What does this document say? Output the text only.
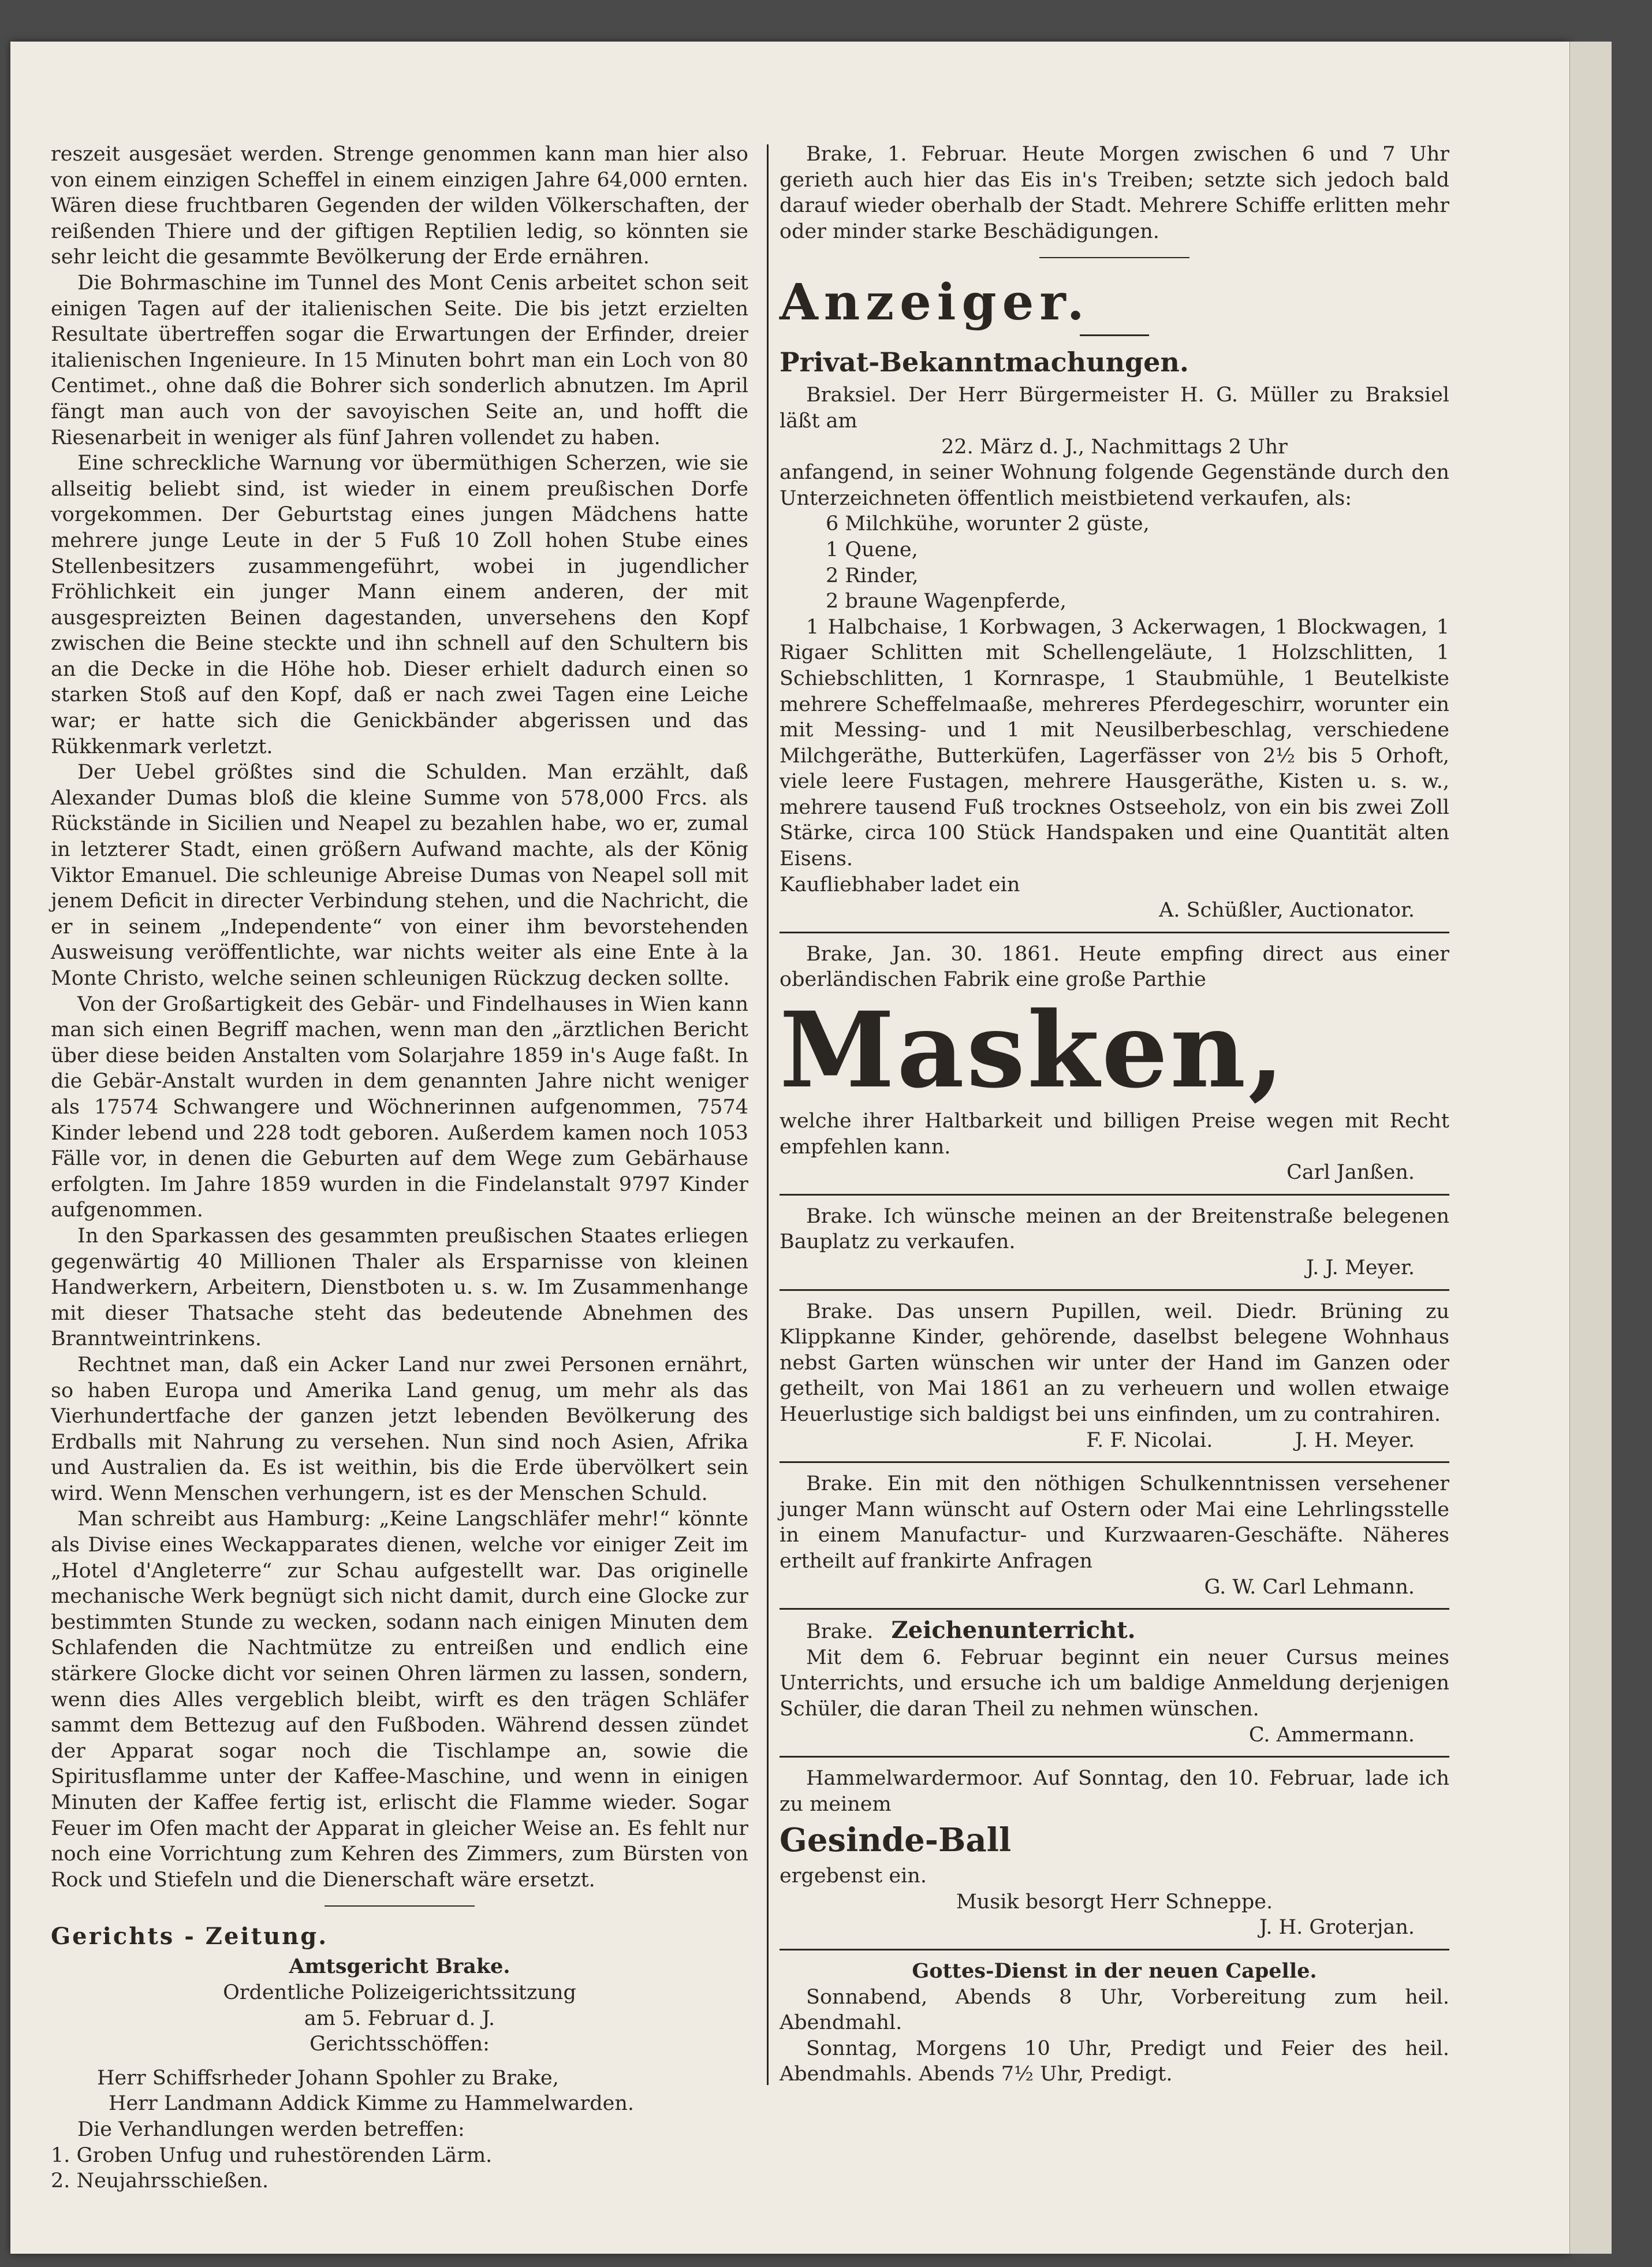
reszeit ausgesäet werden. Strenge genommen kann man hier also von einem einzigen Scheffel in einem einzigen Jahre 64,000 ernten. Wären diese fruchtbaren Gegenden der wilden Völkerschaften, der reißenden Thiere und der giftigen Reptilien ledig, so könnten sie sehr leicht die gesammte Bevölkerung der Erde ernähren.

Die Bohrmaschine im Tunnel des Mont Cenis arbeitet schon seit einigen Tagen auf der italienischen Seite. Die bis jetzt erzielten Resultate übertreffen sogar die Erwartungen der Erfinder, dreier italienischen Ingenieure. In 15 Minuten bohrt man ein Loch von 80 Centimet., ohne daß die Bohrer sich sonderlich abnutzen. Im April fängt man auch von der savoyischen Seite an, und hofft die Riesenarbeit in weniger als fünf Jahren vollendet zu haben.

Eine schreckliche Warnung vor übermüthigen Scherzen, wie sie allseitig beliebt sind, ist wieder in einem preußischen Dorfe vorgekommen. Der Geburtstag eines jungen Mädchens hatte mehrere junge Leute in der 5 Fuß 10 Zoll hohen Stube eines Stellenbesitzers zusammengeführt, wobei in jugendlicher Fröhlichkeit ein junger Mann einem anderen, der mit ausgespreizten Beinen dagestanden, unversehens den Kopf zwischen die Beine steckte und ihn schnell auf den Schultern bis an die Decke in die Höhe hob. Dieser erhielt dadurch einen so starken Stoß auf den Kopf, daß er nach zwei Tagen eine Leiche war; er hatte sich die Genickbänder abgerissen und das Rükkenmark verletzt.

Der Uebel größtes sind die Schulden. Man erzählt, daß Alexander Dumas bloß die kleine Summe von 578,000 Frcs. als Rückstände in Sicilien und Neapel zu bezahlen habe, wo er, zumal in letzterer Stadt, einen größern Aufwand machte, als der König Viktor Emanuel. Die schleunige Abreise Dumas von Neapel soll mit jenem Deficit in directer Verbindung stehen, und die Nachricht, die er in seinem „Independente“ von einer ihm bevorstehenden Ausweisung veröffentlichte, war nichts weiter als eine Ente à la Monte Christo, welche seinen schleunigen Rückzug decken sollte.

Von der Großartigkeit des Gebär- und Findelhauses in Wien kann man sich einen Begriff machen, wenn man den „ärztlichen Bericht über diese beiden Anstalten vom Solarjahre 1859 in's Auge faßt. In die Gebär-Anstalt wurden in dem genannten Jahre nicht weniger als 17574 Schwangere und Wöchnerinnen aufgenommen, 7574 Kinder lebend und 228 todt geboren. Außerdem kamen noch 1053 Fälle vor, in denen die Geburten auf dem Wege zum Gebärhause erfolgten. Im Jahre 1859 wurden in die Findelanstalt 9797 Kinder aufgenommen.

In den Sparkassen des gesammten preußischen Staates erliegen gegenwärtig 40 Millionen Thaler als Ersparnisse von kleinen Handwerkern, Arbeitern, Dienstboten u. s. w. Im Zusammenhange mit dieser Thatsache steht das bedeutende Abnehmen des Branntweintrinkens.

Rechtnet man, daß ein Acker Land nur zwei Personen ernährt, so haben Europa und Amerika Land genug, um mehr als das Vierhundertfache der ganzen jetzt lebenden Bevölkerung des Erdballs mit Nahrung zu versehen. Nun sind noch Asien, Afrika und Australien da. Es ist weithin, bis die Erde übervölkert sein wird. Wenn Menschen verhungern, ist es der Menschen Schuld.

Man schreibt aus Hamburg: „Keine Langschläfer mehr!“ könnte als Divise eines Weckapparates dienen, welche vor einiger Zeit im „Hotel d'Angleterre“ zur Schau aufgestellt war. Das originelle mechanische Werk begnügt sich nicht damit, durch eine Glocke zur bestimmten Stunde zu wecken, sodann nach einigen Minuten dem Schlafenden die Nachtmütze zu entreißen und endlich eine stärkere Glocke dicht vor seinen Ohren lärmen zu lassen, sondern, wenn dies Alles vergeblich bleibt, wirft es den trägen Schläfer sammt dem Bettezug auf den Fußboden. Während dessen zündet der Apparat sogar noch die Tischlampe an, sowie die Spiritusflamme unter der Kaffee-Maschine, und wenn in einigen Minuten der Kaffee fertig ist, erlischt die Flamme wieder. Sogar Feuer im Ofen macht der Apparat in gleicher Weise an. Es fehlt nur noch eine Vorrichtung zum Kehren des Zimmers, zum Bürsten von Rock und Stiefeln und die Dienerschaft wäre ersetzt.

Gerichts - Zeitung.

Amtsgericht Brake.

Ordentliche Polizeigerichtssitzung

am 5. Februar d. J.

Gerichtsschöffen:

Herr Schiffsrheder Johann Spohler zu Brake,

Herr Landmann Addick Kimme zu Hammelwarden.

Die Verhandlungen werden betreffen:

1. Groben Unfug und ruhestörenden Lärm.

2. Neujahrsschießen.

Brake, 1. Februar. Heute Morgen zwischen 6 und 7 Uhr gerieth auch hier das Eis in's Treiben; setzte sich jedoch bald darauf wieder oberhalb der Stadt. Mehrere Schiffe erlitten mehr oder minder starke Beschädigungen.

Anzeiger.

Privat-Bekanntmachungen.

Braksiel. Der Herr Bürgermeister H. G. Müller zu Braksiel läßt am

22. März d. J., Nachmittags 2 Uhr

anfangend, in seiner Wohnung folgende Gegenstände durch den Unterzeichneten öffentlich meistbietend verkaufen, als:

6 Milchkühe, worunter 2 güste,

1 Quene,

2 Rinder,

2 braune Wagenpferde,

1 Halbchaise, 1 Korbwagen, 3 Ackerwagen, 1 Blockwagen, 1 Rigaer Schlitten mit Schellengeläute, 1 Holzschlitten, 1 Schiebschlitten, 1 Kornraspe, 1 Staubmühle, 1 Beutelkiste mehrere Scheffelmaaße, mehreres Pferdegeschirr, worunter ein mit Messing- und 1 mit Neusilberbeschlag, verschiedene Milchgeräthe, Butterküfen, Lagerfässer von 2½ bis 5 Orhoft, viele leere Fustagen, mehrere Hausgeräthe, Kisten u. s. w., mehrere tausend Fuß trocknes Ostseeholz, von ein bis zwei Zoll Stärke, circa 100 Stück Handspaken und eine Quantität alten Eisens.

Kaufliebhaber ladet ein

A. Schüßler, Auctionator.

Brake, Jan. 30. 1861. Heute empfing direct aus einer oberländischen Fabrik eine große Parthie

Masken,

welche ihrer Haltbarkeit und billigen Preise wegen mit Recht empfehlen kann.

Carl Janßen.

Brake. Ich wünsche meinen an der Breitenstraße belegenen Bauplatz zu verkaufen.

J. J. Meyer.

Brake. Das unsern Pupillen, weil. Diedr. Brüning zu Klippkanne Kinder, gehörende, daselbst belegene Wohnhaus nebst Garten wünschen wir unter der Hand im Ganzen oder getheilt, von Mai 1861 an zu verheuern und wollen etwaige Heuerlustige sich baldigst bei uns einfinden, um zu contrahiren.

F. F. Nicolai.	J. H. Meyer.

Brake. Ein mit den nöthigen Schulkenntnissen versehener junger Mann wünscht auf Ostern oder Mai eine Lehrlingsstelle in einem Manufactur- und Kurzwaaren-Geschäfte. Näheres ertheilt auf frankirte Anfragen

G. W. Carl Lehmann.

Brake. Zeichenunterricht.

Mit dem 6. Februar beginnt ein neuer Cursus meines Unterrichts, und ersuche ich um baldige Anmeldung derjenigen Schüler, die daran Theil zu nehmen wünschen.

C. Ammermann.

Hammelwardermoor. Auf Sonntag, den 10. Februar, lade ich zu meinem

Gesinde-Ball

ergebenst ein.

Musik besorgt Herr Schneppe.

J. H. Groterjan.

Gottes-Dienst in der neuen Capelle.

Sonnabend, Abends 8 Uhr, Vorbereitung zum heil. Abendmahl.

Sonntag, Morgens 10 Uhr, Predigt und Feier des heil. Abendmahls. Abends 7½ Uhr, Predigt.
